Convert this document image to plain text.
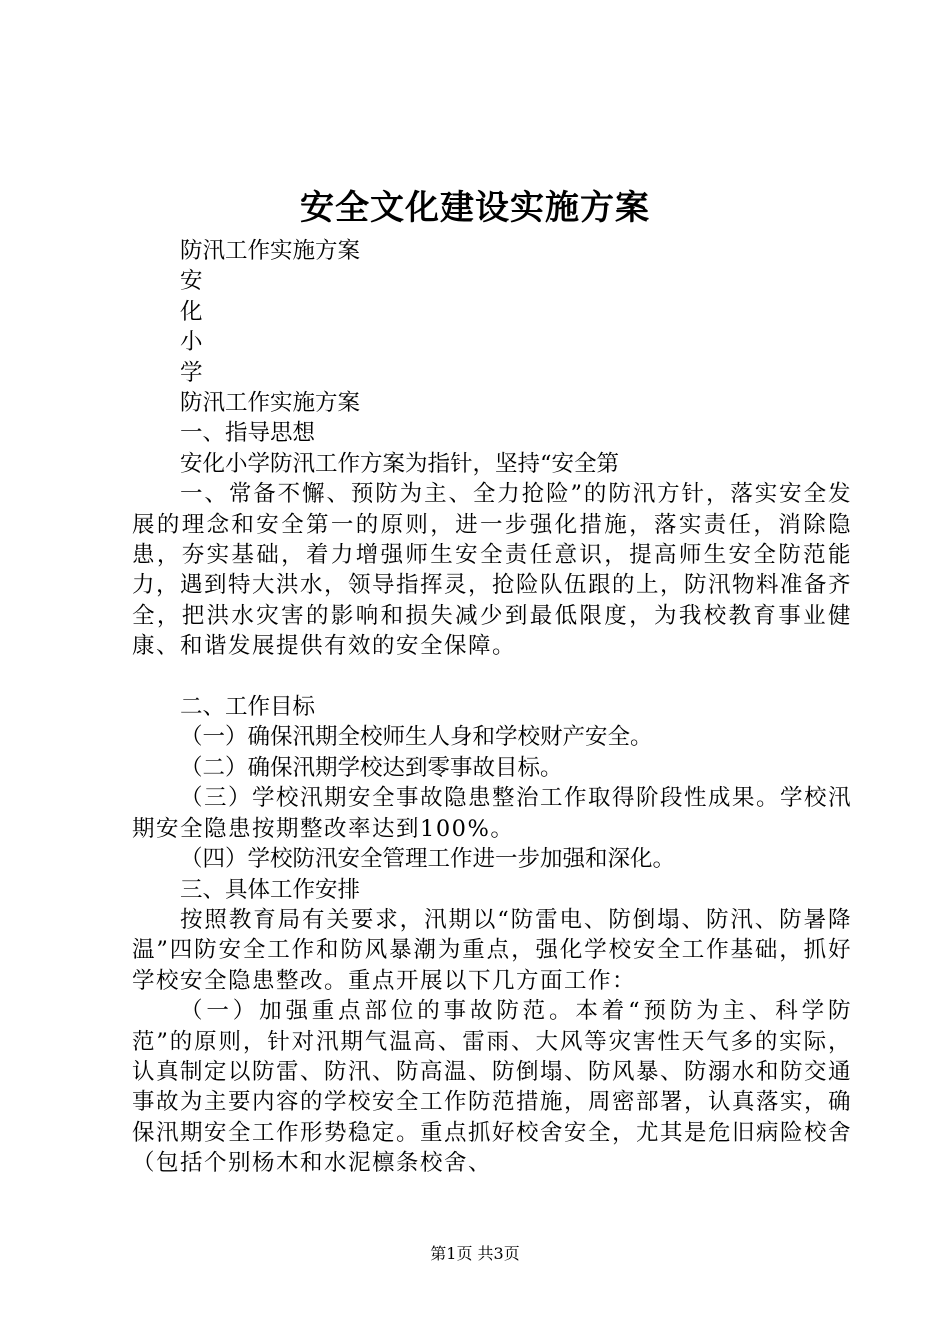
安全文化建设实施方案

防汛工作实施方案

安

化

小

学

防汛工作实施方案

一、指导思想

安化小学防汛工作方案为指针，坚持“安全第

一、常备不懈、预防为主、全力抢险”的防汛方针，落实安全发展的理念和安全第一的原则，进一步强化措施，落实责任，消除隐患，夯实基础，着力增强师生安全责任意识，提高师生安全防范能力，遇到特大洪水，领导指挥灵，抢险队伍跟的上，防汛物料准备齐全，把洪水灾害的影响和损失减少到最低限度，为我校教育事业健康、和谐发展提供有效的安全保障。

二、工作目标

（一）确保汛期全校师生人身和学校财产安全。

（二）确保汛期学校达到零事故目标。

（三）学校汛期安全事故隐患整治工作取得阶段性成果。学校汛期安全隐患按期整改率达到100%。

（四）学校防汛安全管理工作进一步加强和深化。

三、具体工作安排

按照教育局有关要求，汛期以“防雷电、防倒塌、防汛、防暑降温”四防安全工作和防风暴潮为重点，强化学校安全工作基础，抓好学校安全隐患整改。重点开展以下几方面工作：

（一）加强重点部位的事故防范。本着“预防为主、科学防范”的原则，针对汛期气温高、雷雨、大风等灾害性天气多的实际，认真制定以防雷、防汛、防高温、防倒塌、防风暴、防溺水和防交通事故为主要内容的学校安全工作防范措施，周密部署，认真落实，确保汛期安全工作形势稳定。重点抓好校舍安全，尤其是危旧病险校舍（包括个别杨木和水泥檩条校舍、

第1页 共3页
